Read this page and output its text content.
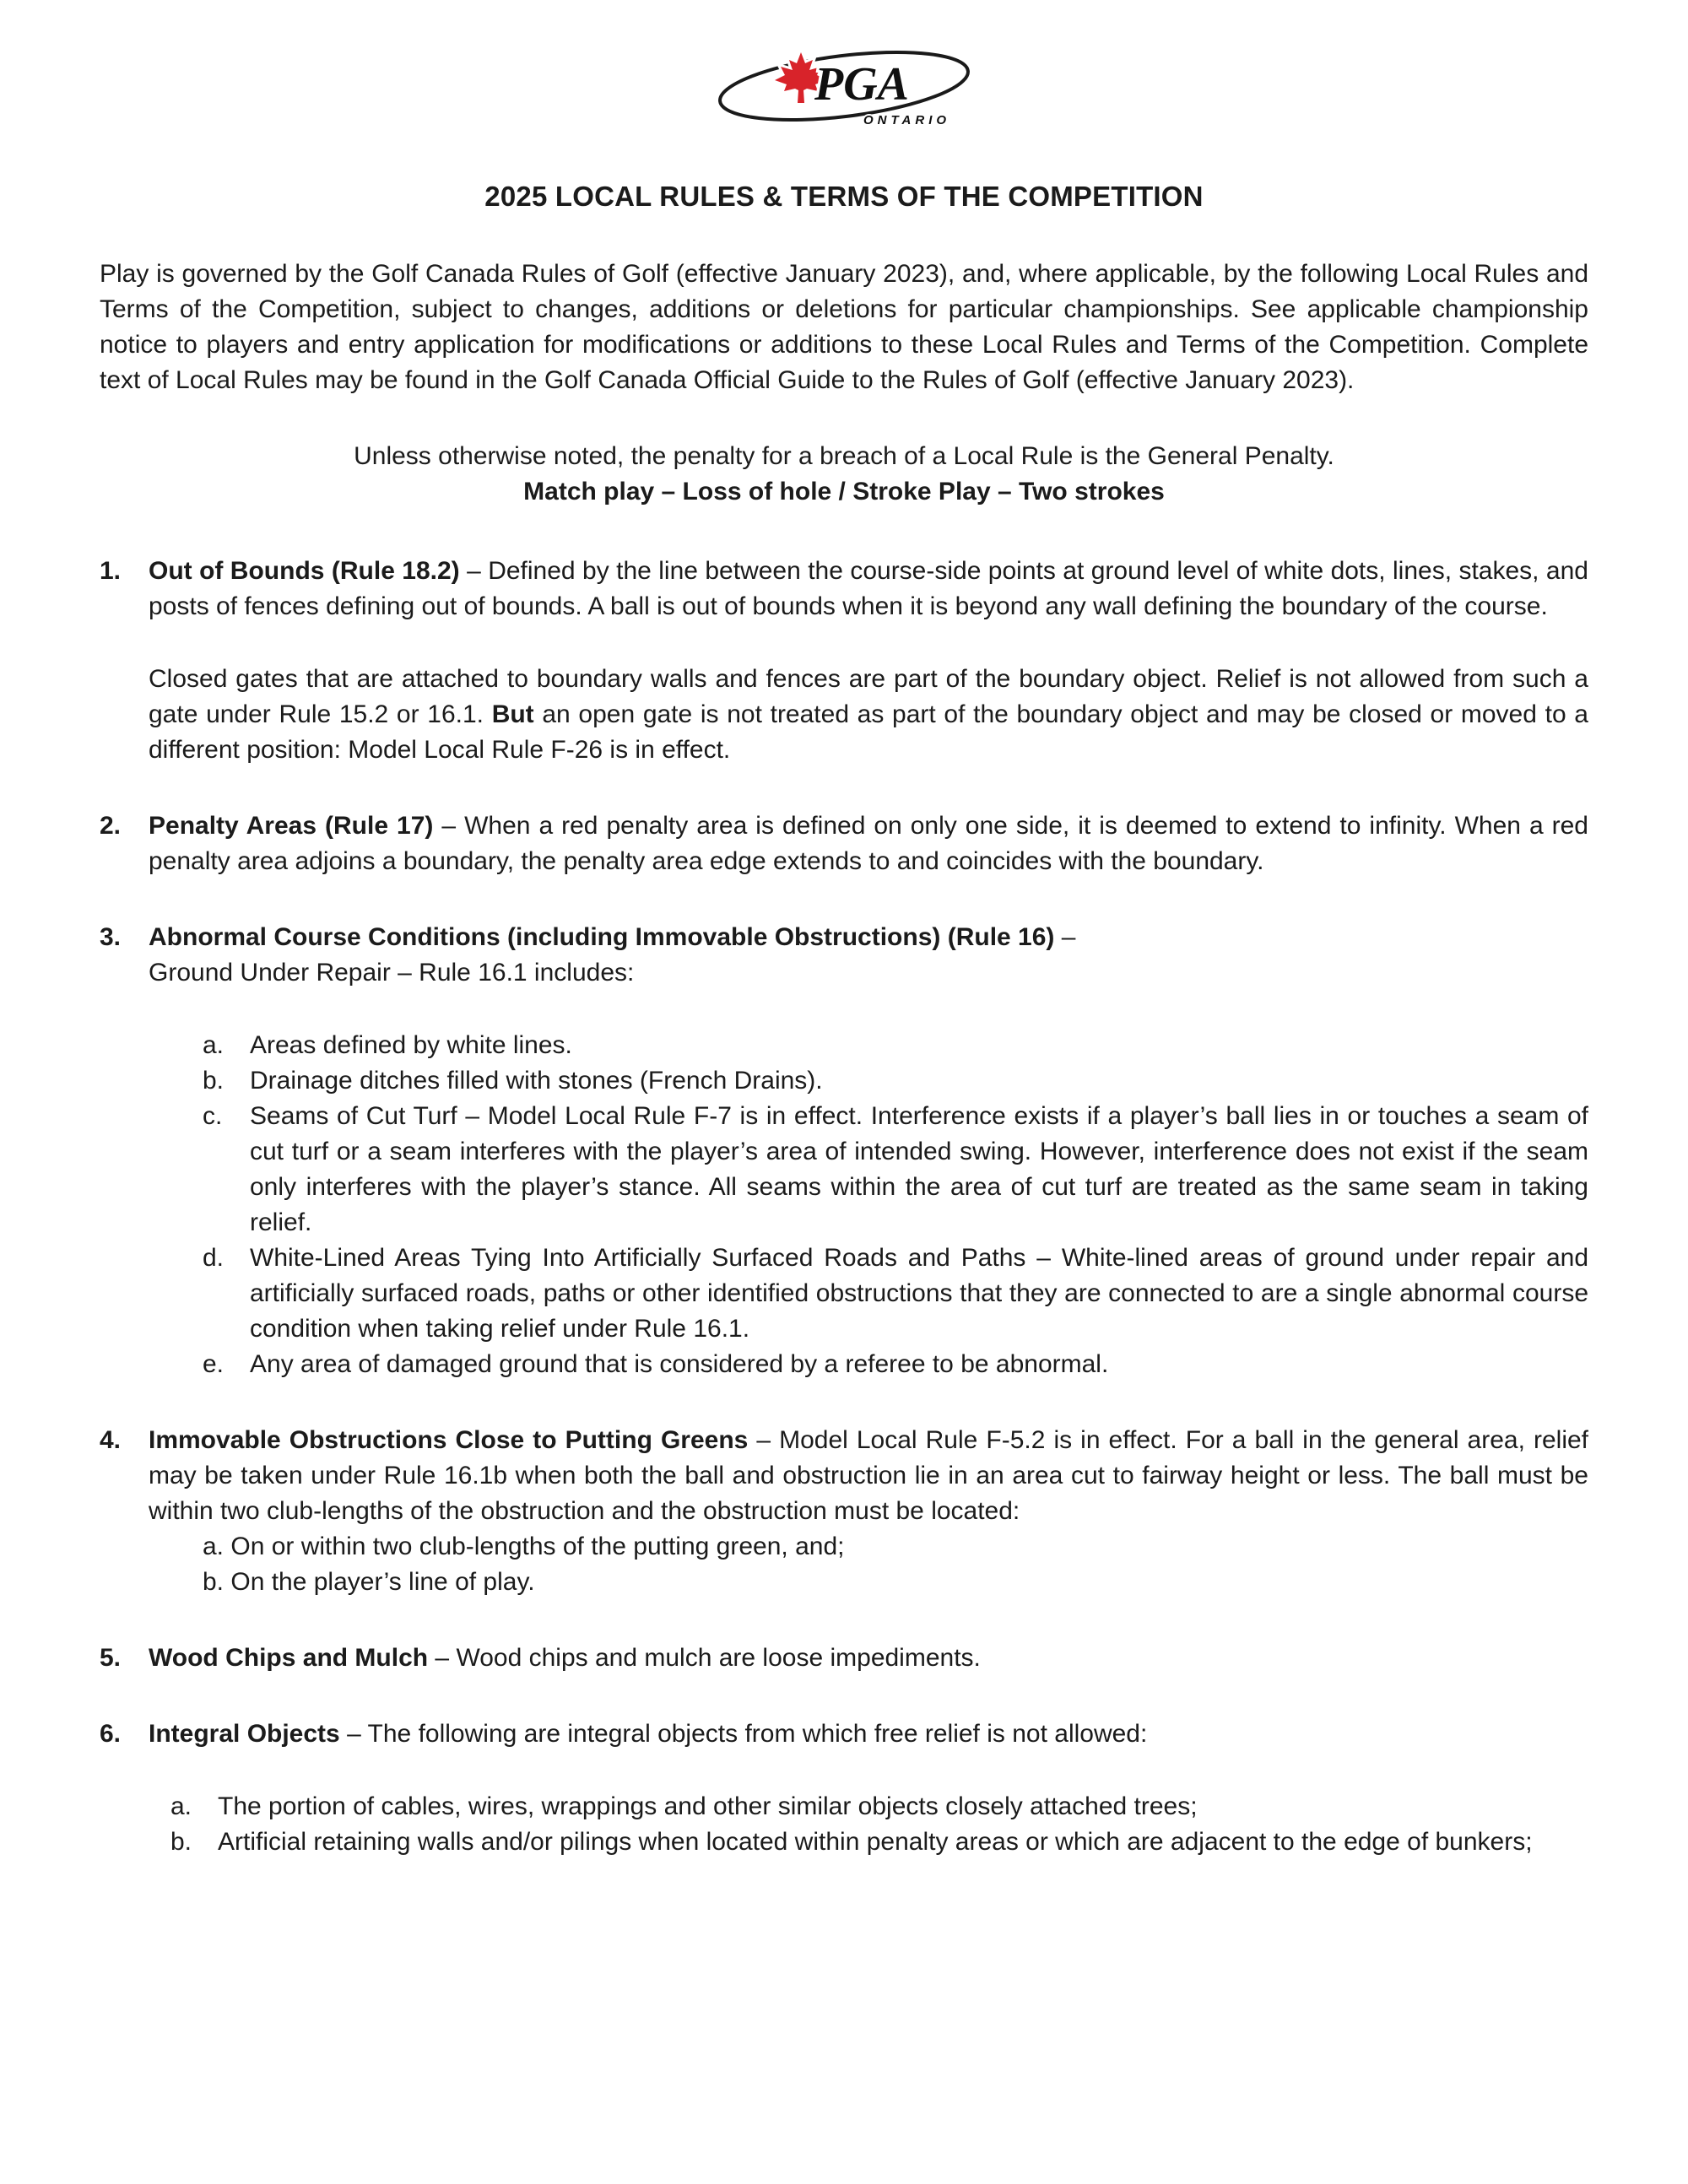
PGA
ONTARIO
2025 LOCAL RULES & TERMS OF THE COMPETITION

Play is governed by the Golf Canada Rules of Golf (effective January 2023), and, where applicable, by the following Local Rules and Terms of the Competition, subject to changes, additions or deletions for particular championships. See applicable championship notice to players and entry application for modifications or additions to these Local Rules and Terms of the Competition. Complete text of Local Rules may be found in the Golf Canada Official Guide to the Rules of Golf (effective January 2023).

Unless otherwise noted, the penalty for a breach of a Local Rule is the General Penalty.

Match play – Loss of hole / Stroke Play – Two strokes

1.	Out of Bounds (Rule 18.2) – Defined by the line between the course-side points at ground level of white dots, lines, stakes, and posts of fences defining out of bounds. A ball is out of bounds when it is beyond any wall defining the boundary of the course.

Closed gates that are attached to boundary walls and fences are part of the boundary object. Relief is not allowed from such a gate under Rule 15.2 or 16.1. But an open gate is not treated as part of the boundary object and may be closed or moved to a different position: Model Local Rule F-26 is in effect.

2.	Penalty Areas (Rule 17) – When a red penalty area is defined on only one side, it is deemed to extend to infinity. When a red penalty area adjoins a boundary, the penalty area edge extends to and coincides with the boundary.

3.	Abnormal Course Conditions (including Immovable Obstructions) (Rule 16) –

Ground Under Repair – Rule 16.1 includes:

a.	Areas defined by white lines.
b.	Drainage ditches filled with stones (French Drains).
c.	Seams of Cut Turf – Model Local Rule F-7 is in effect. Interference exists if a player’s ball lies in or touches a seam of cut turf or a seam interferes with the player’s area of intended swing. However, interference does not exist if the seam only interferes with the player’s stance. All seams within the area of cut turf are treated as the same seam in taking relief.
d.	White-Lined Areas Tying Into Artificially Surfaced Roads and Paths – White-lined areas of ground under repair and artificially surfaced roads, paths or other identified obstructions that they are connected to are a single abnormal course condition when taking relief under Rule 16.1.
e.	Any area of damaged ground that is considered by a referee to be abnormal.
4.	Immovable Obstructions Close to Putting Greens – Model Local Rule F-5.2 is in effect. For a ball in the general area, relief may be taken under Rule 16.1b when both the ball and obstruction lie in an area cut to fairway height or less. The ball must be within two club-lengths of the obstruction and the obstruction must be located:

a. On or within two club-lengths of the putting green, and;

b. On the player’s line of play.

5.	Wood Chips and Mulch – Wood chips and mulch are loose impediments.

6.	Integral Objects – The following are integral objects from which free relief is not allowed:

a.	The portion of cables, wires, wrappings and other similar objects closely attached trees;
b.	Artificial retaining walls and/or pilings when located within penalty areas or which are adjacent to the edge of bunkers;
